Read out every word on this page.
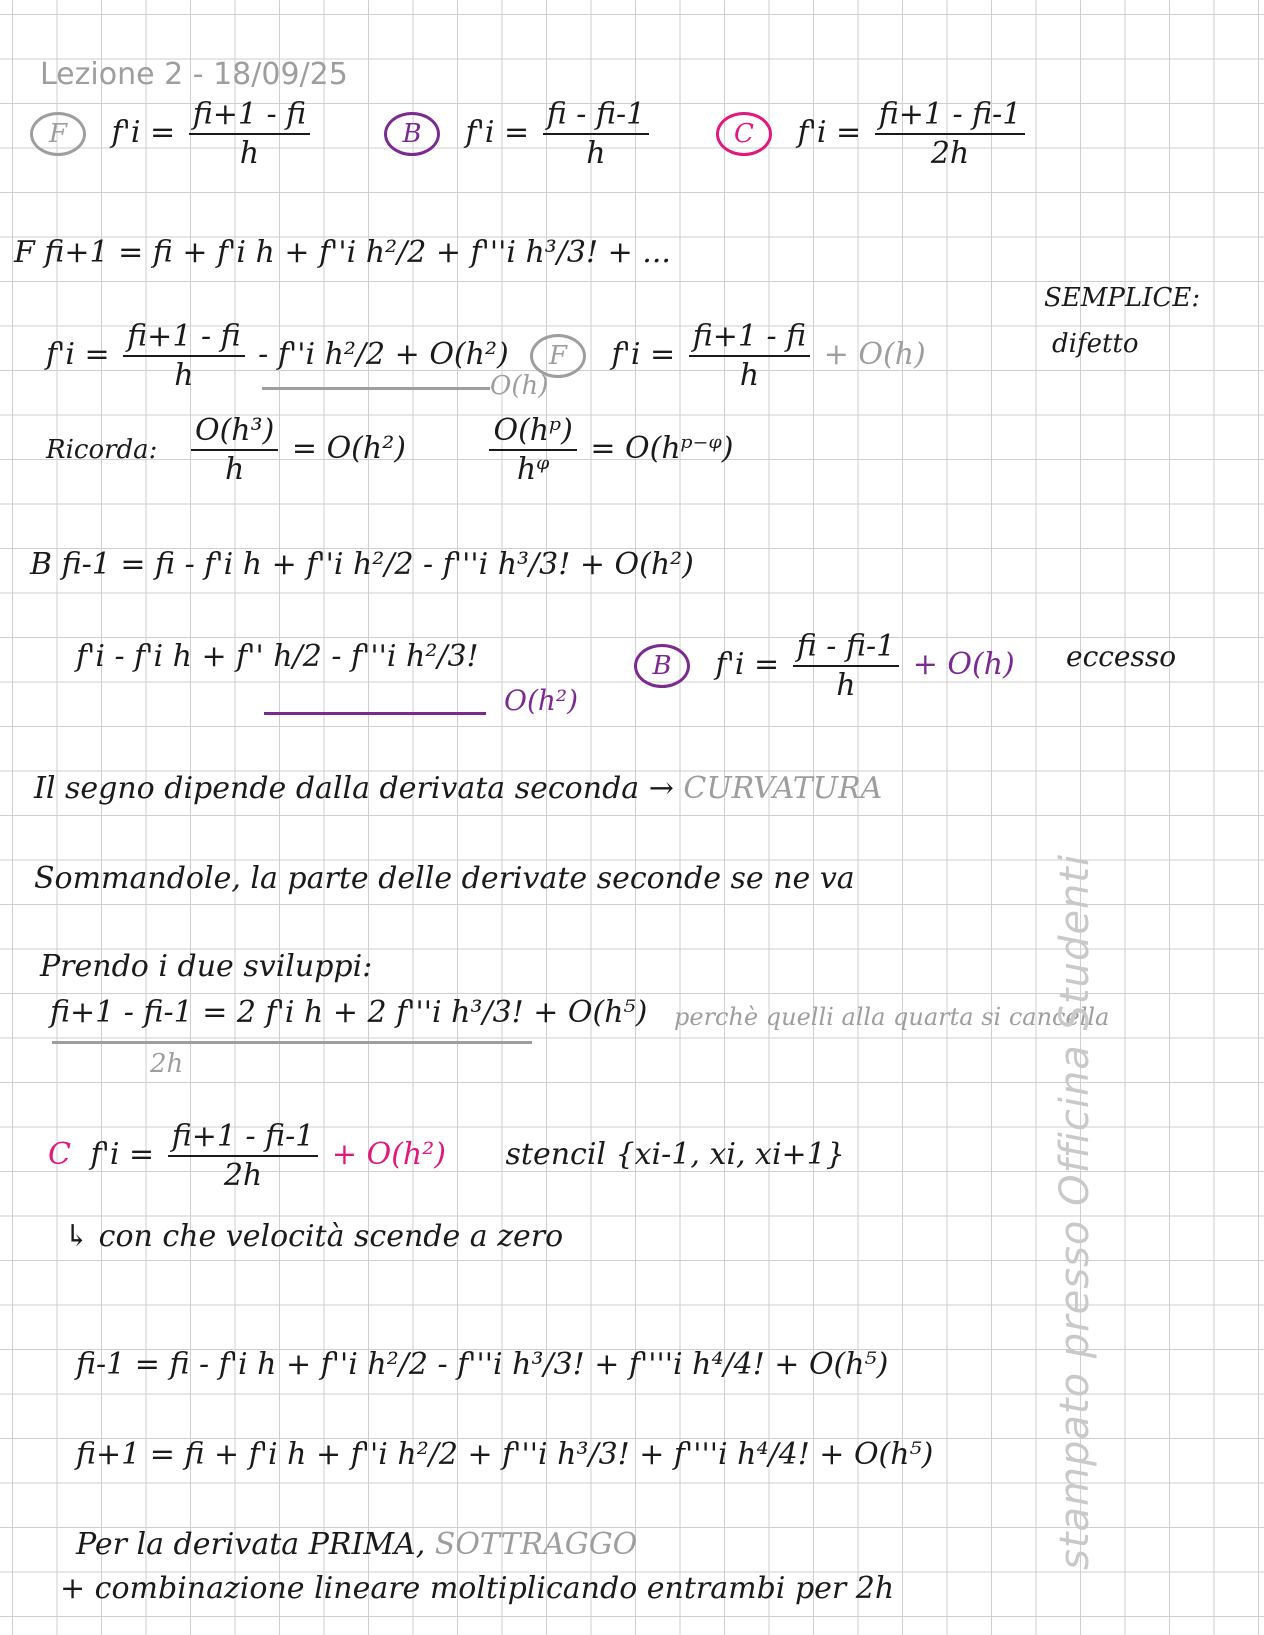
Lezione 2 - 18/09/25
F $f'i = \frac{fi+1 - fi}{h}$	B $f'i = \frac{fi - fi-1}{h}$	C $f'i = \frac{fi+1 - fi-1}{2h}$
F fi+1 = fi + f'i h + f''i h²/2 + f'''i h³/3! + ...
SEMPLICE:
difetto
$f'i = \frac{fi+1 - fi}{h} - f''i$ h²/2 + O(h²)
O(h)
F $f'i = \frac{fi+1 - fi}{h} + O(h)$
Ricorda: $\frac{\text{O(h³)}}{h} = O(h^2)$	$\frac{\text{O(hᵖ)}}{\text{hᵠ}}$ = O(hᵖ⁻ᵠ)
B fi-1 = fi - f'i h + f''i h²/2 - f'''i h³/3! + O(h²)
f'i - f'i h + f'' h/2 - f'''i h²/3!
O(h²)
B $f'i = \frac{fi - fi-1}{h} + O(h)$ eccesso
Il segno dipende dalla derivata seconda → CURVATURA
Sommandole, la parte delle derivate seconde se ne va
Prendo i due sviluppi:
fi+1 - fi-1 = 2 f'i h + 2 f'''i h³/3! + O(h⁵)
2h
perchè quelli alla quarta si cancella
C $f'i = \frac{fi+1 - fi-1}{2h} + O(h^2)$ stencil {xi-1, xi, xi+1}
↳ con che velocità scende a zero
fi-1 = fi - f'i h + f''i h²/2 - f'''i h³/3! + f''''i h⁴/4! + O(h⁵)
fi+1 = fi + f'i h + f''i h²/2 + f'''i h³/3! + f''''i h⁴/4! + O(h⁵)
Per la derivata PRIMA, SOTTRAGGO
+ combinazione lineare moltiplicando entrambi per 2h
stampato presso Officina Studenti
